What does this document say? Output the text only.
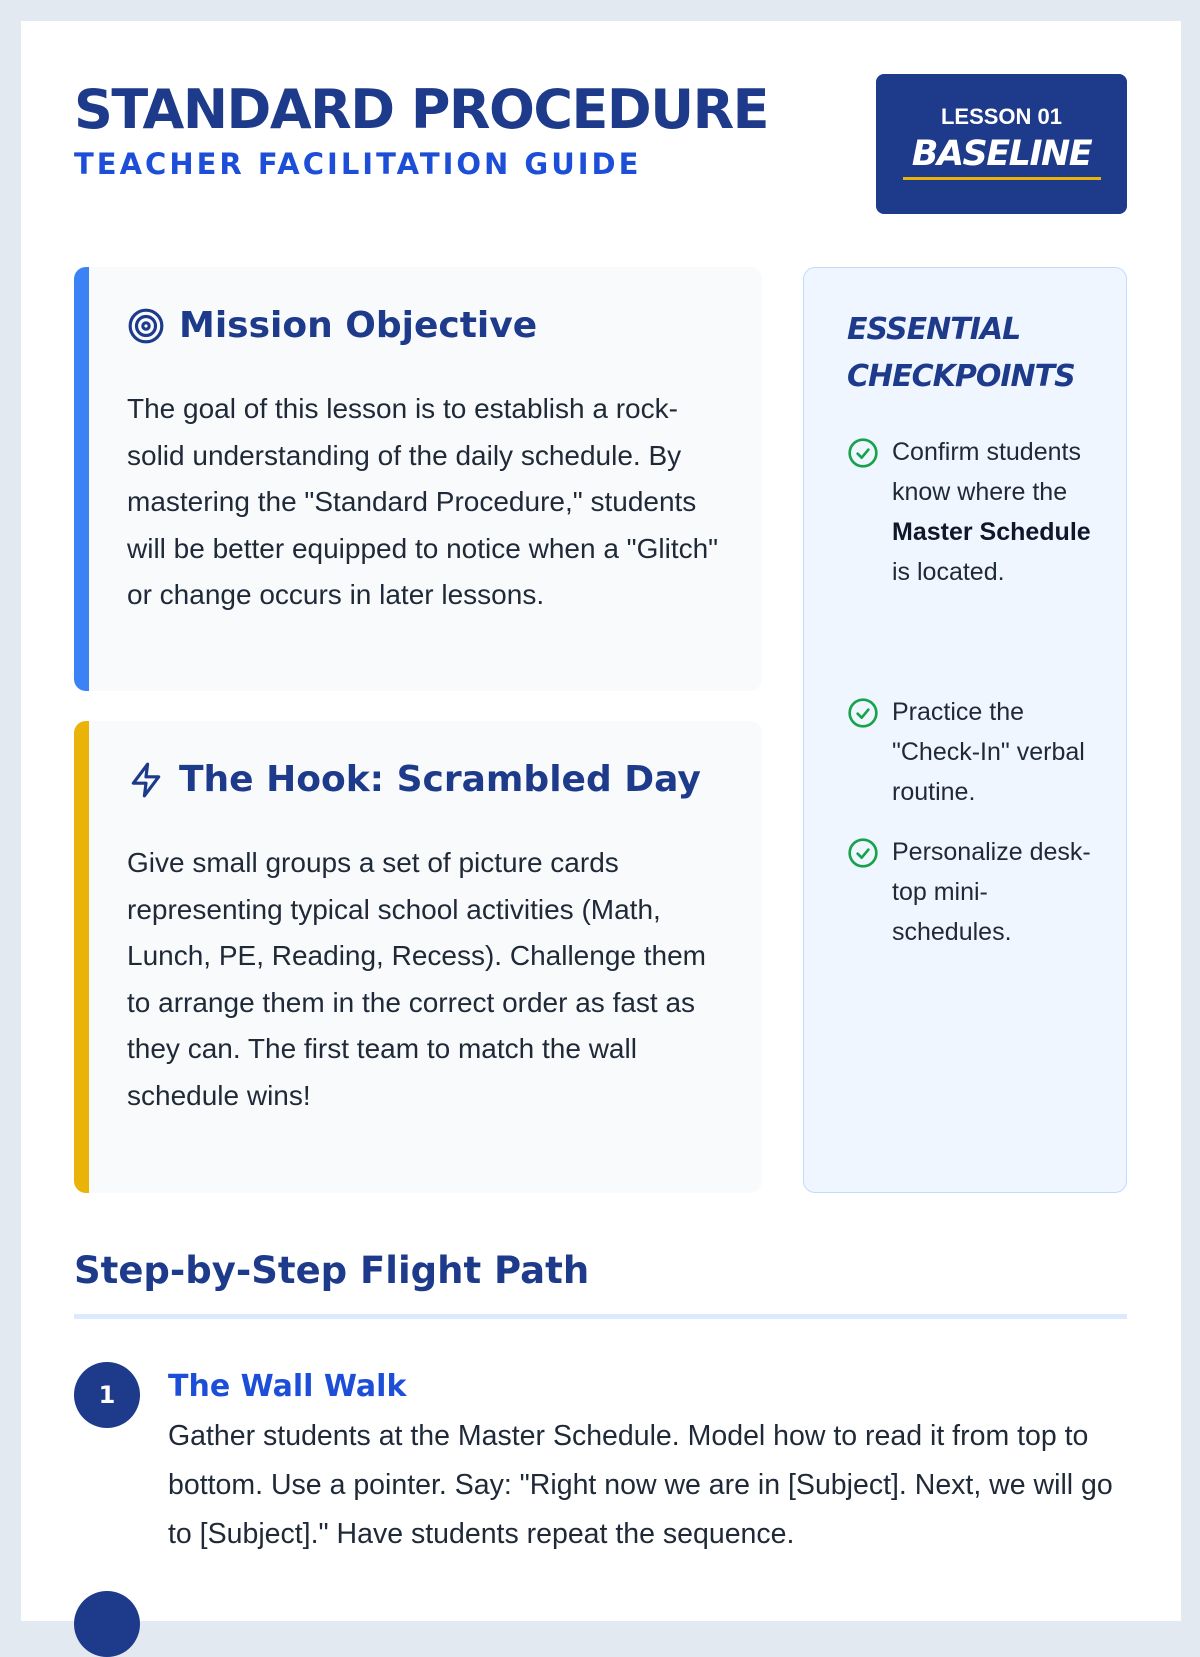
STANDARD PROCEDURE
TEACHER FACILITATION GUIDE
LESSON 01
BASELINE
Mission Objective
The goal of this lesson is to establish a rock-solid understanding of the daily schedule. By mastering the "Standard Procedure," students will be better equipped to notice when a "Glitch" or change occurs in later lessons.
The Hook: Scrambled Day
Give small groups a set of picture cards representing typical school activities (Math, Lunch, PE, Reading, Recess). Challenge them to arrange them in the correct order as fast as they can. The first team to match the wall schedule wins!
ESSENTIAL CHECKPOINTS
Confirm students know where the Master Schedule is located.
Practice the "Check-In" verbal routine.
Personalize desk-top mini-schedules.
Step-by-Step Flight Path
1	The Wall Walk
Gather students at the Master Schedule. Model how to read it from top to bottom. Use a pointer. Say: "Right now we are in [Subject]. Next, we will go to [Subject]." Have students repeat the sequence.
